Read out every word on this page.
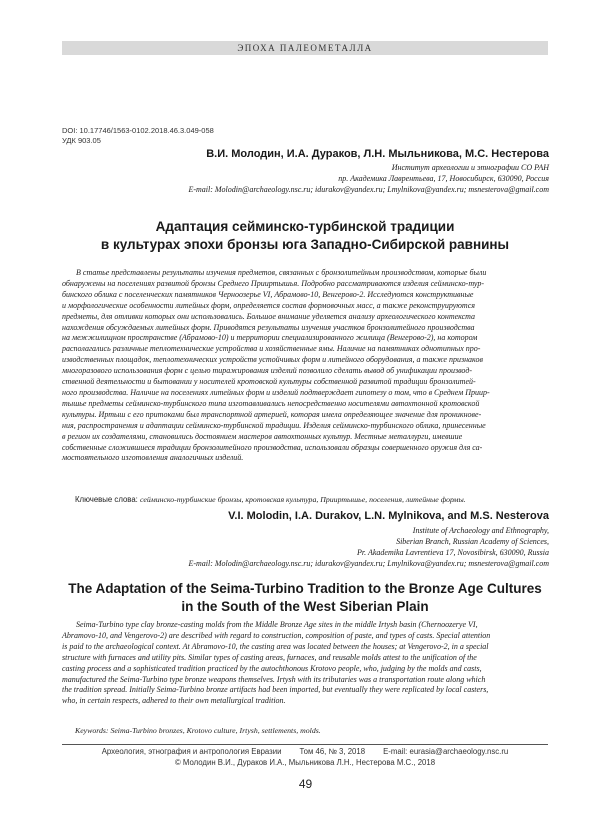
ЭПОХА ПАЛЕОМЕТАЛЛА
DOI: 10.17746/1563-0102.2018.46.3.049-058
УДК 903.05
В.И. Молодин, И.А. Дураков, Л.Н. Мыльникова, М.С. Нестерова
Институт археологии и этнографии СО РАН
пр. Академика Лаврентьева, 17, Новосибирск, 630090, Россия
E-mail: Molodin@archaeology.nsc.ru; idurakov@yandex.ru; Lmylnikova@yandex.ru; msnesterova@gmail.com
Адаптация сейминско-турбинской традиции
в культурах эпохи бронзы юга Западно-Сибирской равнины
В статье представлены результаты изучения предметов, связанных с бронзолитейным производством, которые были
обнаружены на поселениях развитой бронзы Среднего Прииртышья. Подробно рассматриваются изделия сейминско-тур-
бинского облика с поселенческих памятников Черноозерье VI, Абрамово-10, Венгерово-2. Исследуются конструктивные
и морфологические особенности литейных форм, определяется состав формовочных масс, а также реконструируются
предметы, для отливки которых они использовались. Большое внимание уделяется анализу археологического контекста
нахождения обсуждаемых литейных форм. Приводятся результаты изучения участков бронзолитейного производства
на межжилищном пространстве (Абрамово-10) и территории специализированного жилища (Венгерово-2), на котором
располагались различные теплотехнические устройства и хозяйственные ямы. Наличие на памятниках однотипных про-
изводственных площадок, теплотехнических устройств устойчивых форм и литейного оборудования, а также признаков
многоразового использования форм с целью тиражирования изделий позволило сделать вывод об унификации производ-
ственной деятельности и бытовании у носителей кротовской культуры собственной развитой традиции бронзолитей-
ного производства. Наличие на поселениях литейных форм и изделий подтверждает гипотезу о том, что в Среднем Приир-
тышье предметы сейминско-турбинского типа изготавливались непосредственно носителями автохтонной кротовской
культуры. Иртыш с его притоками был транспортной артерией, которая имела определяющее значение для проникнове-
ния, распространения и адаптации сейминско-турбинской традиции. Изделия сейминско-турбинского облика, принесенные
в регион их создателями, становились достоянием мастеров автохтонных культур. Местные металлурги, имевшие
собственные сложившиеся традиции бронзолитейного производства, использовали образцы совершенного оружия для са-
мостоятельного изготовления аналогичных изделий.
Ключевые слова: сейминско-турбинские бронзы, кротовская культура, Прииртышье, поселения, литейные формы.
V.I. Molodin, I.A. Durakov, L.N. Mylnikova, and M.S. Nesterova
Institute of Archaeology and Ethnography,
Siberian Branch, Russian Academy of Sciences,
Pr. Akademika Lavrentieva 17, Novosibirsk, 630090, Russia
E-mail: Molodin@archaeology.nsc.ru; idurakov@yandex.ru; Lmylnikova@yandex.ru; msnesterova@gmail.com
The Adaptation of the Seima-Turbino Tradition to the Bronze Age Cultures
in the South of the West Siberian Plain
Seima-Turbino type clay bronze-casting molds from the Middle Bronze Age sites in the middle Irtysh basin (Chernoozerye VI,
Abramovo-10, and Vengerovo-2) are described with regard to construction, composition of paste, and types of casts. Special attention
is paid to the archaeological context. At Abramovo-10, the casting area was located between the houses; at Vengerovo-2, in a special
structure with furnaces and utility pits. Similar types of casting areas, furnaces, and reusable molds attest to the unification of the
casting process and a sophisticated tradition practiced by the autochthonous Krotovo people, who, judging by the molds and casts,
manufactured the Seima-Turbino type bronze weapons themselves. Irtysh with its tributaries was a transportation route along which
the tradition spread. Initially Seima-Turbino bronze artifacts had been imported, but eventually they were replicated by local casters,
who, in certain respects, adhered to their own metallurgical tradition.
Keywords: Seima-Turbino bronzes, Krotovo culture, Irtysh, settlements, molds.
Археология, этнография и антропология Евразии Том 46, № 3, 2018 E-mail: eurasia@archaeology.nsc.ru
© Молодин В.И., Дураков И.А., Мыльникова Л.Н., Нестерова М.С., 2018
49
